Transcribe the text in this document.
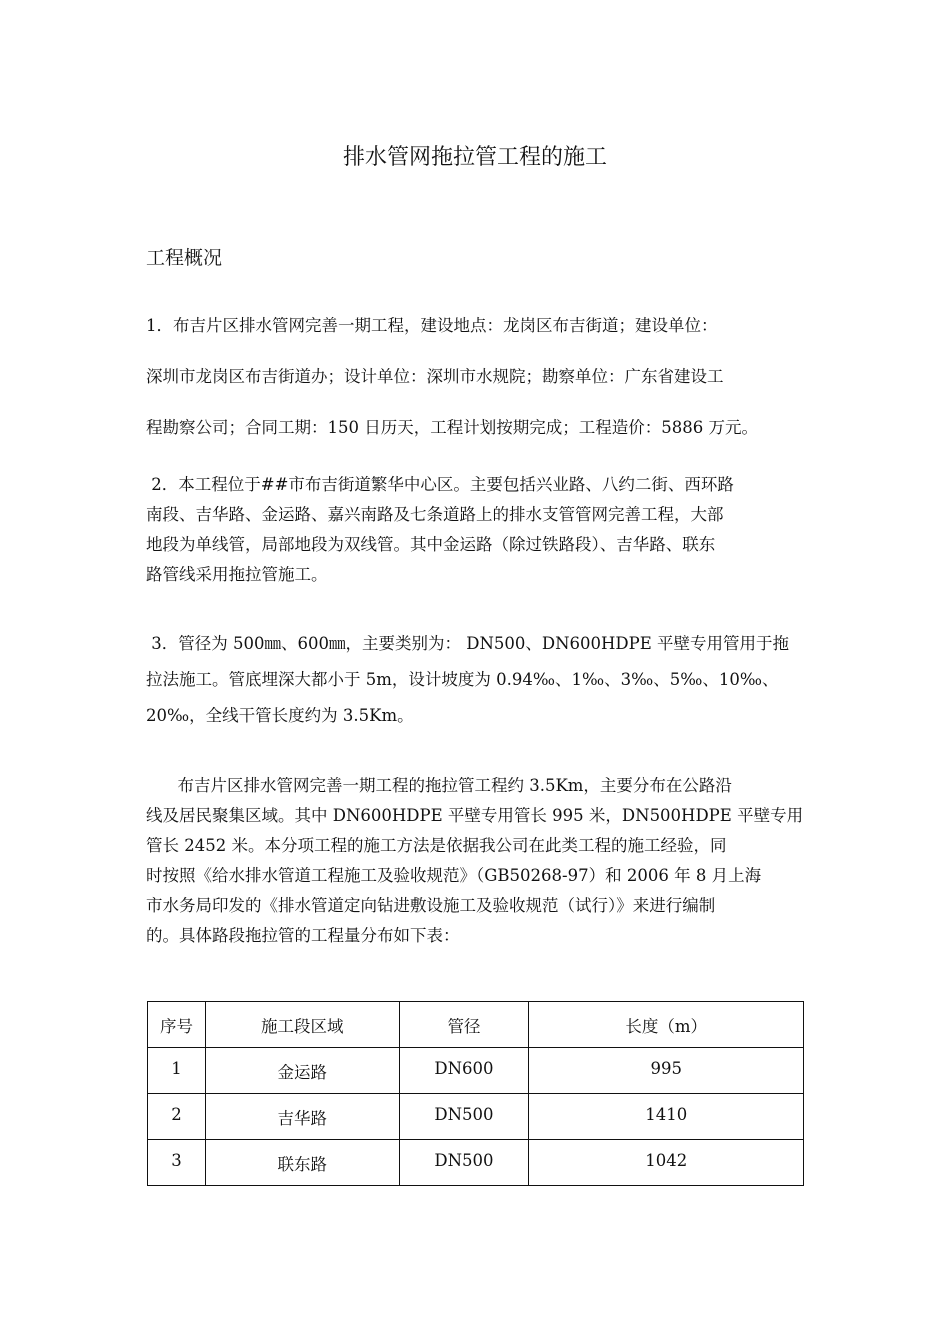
排水管网拖拉管工程的施工
工程概况

1．布吉片区排水管网完善一期工程，建设地点：龙岗区布吉街道；建设单位：

深圳市龙岗区布吉街道办；设计单位：深圳市水规院；勘察单位：广东省建设工

程勘察公司；合同工期：150 日历天，工程计划按期完成；工程造价：5886 万元。

2．本工程位于##市布吉街道繁华中心区。主要包括兴业路、八约二街、西环路

南段、吉华路、金运路、嘉兴南路及七条道路上的排水支管管网完善工程，大部

地段为单线管，局部地段为双线管。其中金运路（除过铁路段）、吉华路、联东

路管线采用拖拉管施工。

3．管径为 500㎜、600㎜，主要类别为： DN500、DN600HDPE 平壁专用管用于拖

拉法施工。管底埋深大都小于 5m，设计坡度为 0.94‰、1‰、3‰、5‰、10‰、

20‰，全线干管长度约为 3.5Km。

布吉片区排水管网完善一期工程的拖拉管工程约 3.5Km，主要分布在公路沿

线及居民聚集区域。其中 DN600HDPE 平壁专用管长 995 米，DN500HDPE 平壁专用

管长 2452 米。本分项工程的施工方法是依据我公司在此类工程的施工经验，同

时按照《给水排水管道工程施工及验收规范》（GB50268-97）和 2006 年 8 月上海

市水务局印发的《排水管道定向钻进敷设施工及验收规范（试行）》来进行编制

的。具体路段拖拉管的工程量分布如下表：

序号	施工段区域	管径	长度（m）
1	金运路	DN600	995
2	吉华路	DN500	1410
3	联东路	DN500	1042
